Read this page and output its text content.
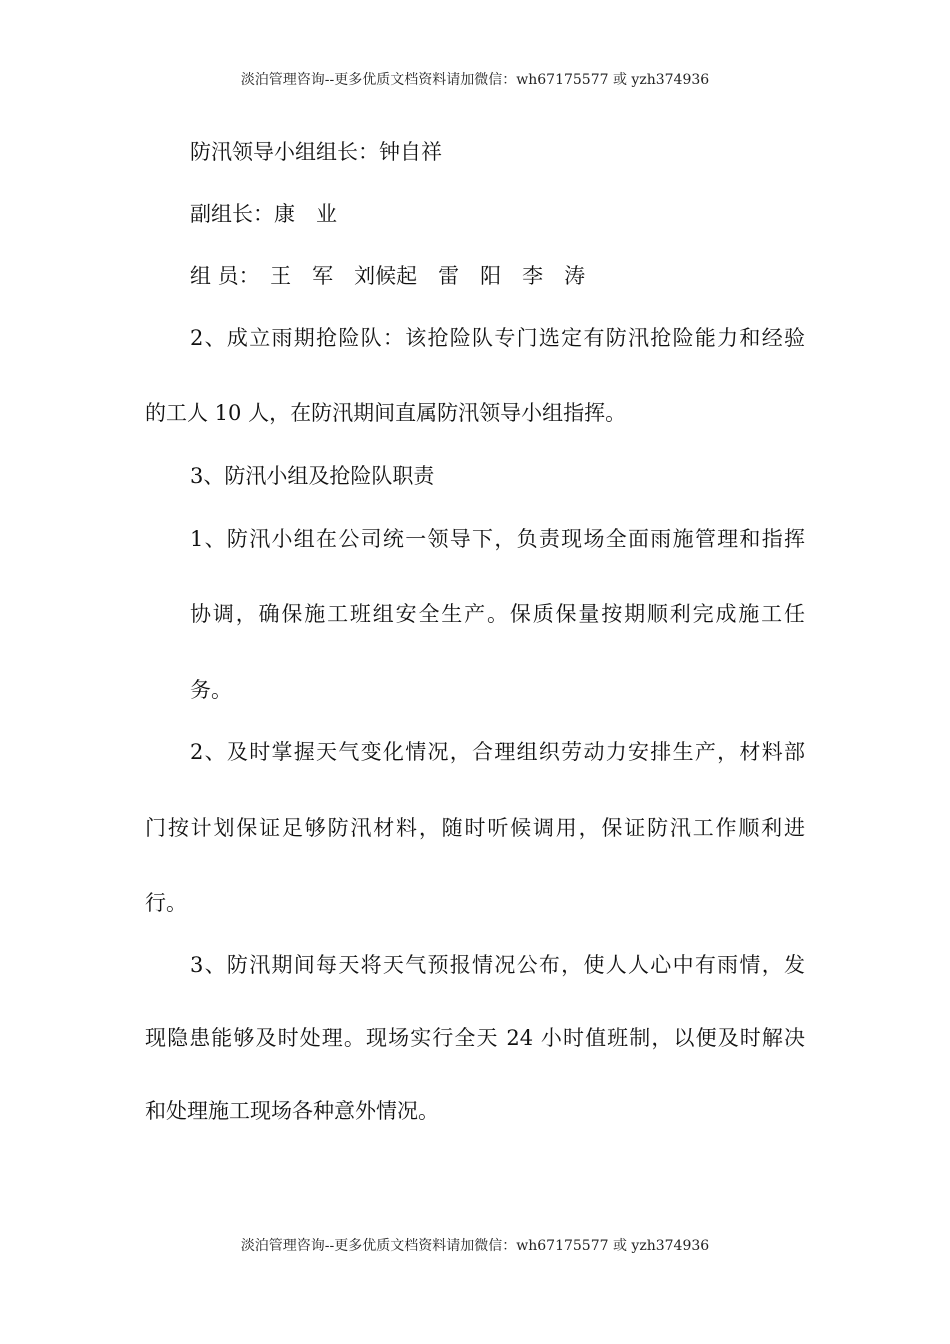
淡泊管理咨询--更多优质文档资料请加微信：wh67175577 或 yzh374936
防汛领导小组组长：钟自祥
副组长：康　业
组 员：　王　军　刘候起　雷　阳　李　涛
2、成立雨期抢险队：该抢险队专门选定有防汛抢险能力和经验
的工人 10 人，在防汛期间直属防汛领导小组指挥。
3、防汛小组及抢险队职责
1、防汛小组在公司统一领导下，负责现场全面雨施管理和指挥
协调，确保施工班组安全生产。保质保量按期顺利完成施工任
务。
2、及时掌握天气变化情况，合理组织劳动力安排生产，材料部
门按计划保证足够防汛材料，随时听候调用，保证防汛工作顺利进
行。
3、防汛期间每天将天气预报情况公布，使人人心中有雨情，发
现隐患能够及时处理。现场实行全天 24 小时值班制，以便及时解决
和处理施工现场各种意外情况。
淡泊管理咨询--更多优质文档资料请加微信：wh67175577 或 yzh374936
